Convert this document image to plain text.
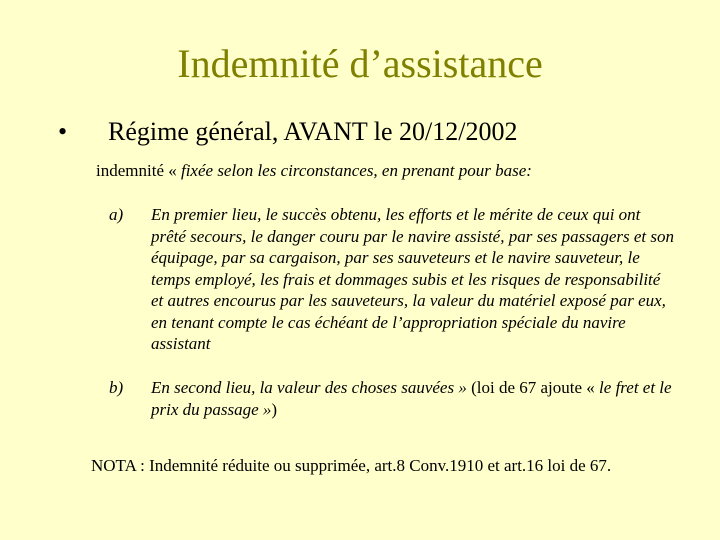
Indemnité d’assistance
• Régime général, AVANT le 20/12/2002
indemnité « fixée selon les circonstances, en prenant pour base:
a) En premier lieu, le succès obtenu, les efforts et le mérite de ceux qui ont prêté secours, le danger couru par le navire assisté, par ses passagers et son équipage, par sa cargaison, par ses sauveteurs et le navire sauveteur, le temps employé, les frais et dommages subis et les risques de responsabilité et autres encourus par les sauveteurs, la valeur du matériel exposé par eux, en tenant compte le cas échéant de l’appropriation spéciale du navire assistant
b) En second lieu, la valeur des choses sauvées » (loi de 67 ajoute « le fret et le prix du passage »)
NOTA : Indemnité réduite ou supprimée, art.8 Conv.1910 et art.16 loi de 67.
